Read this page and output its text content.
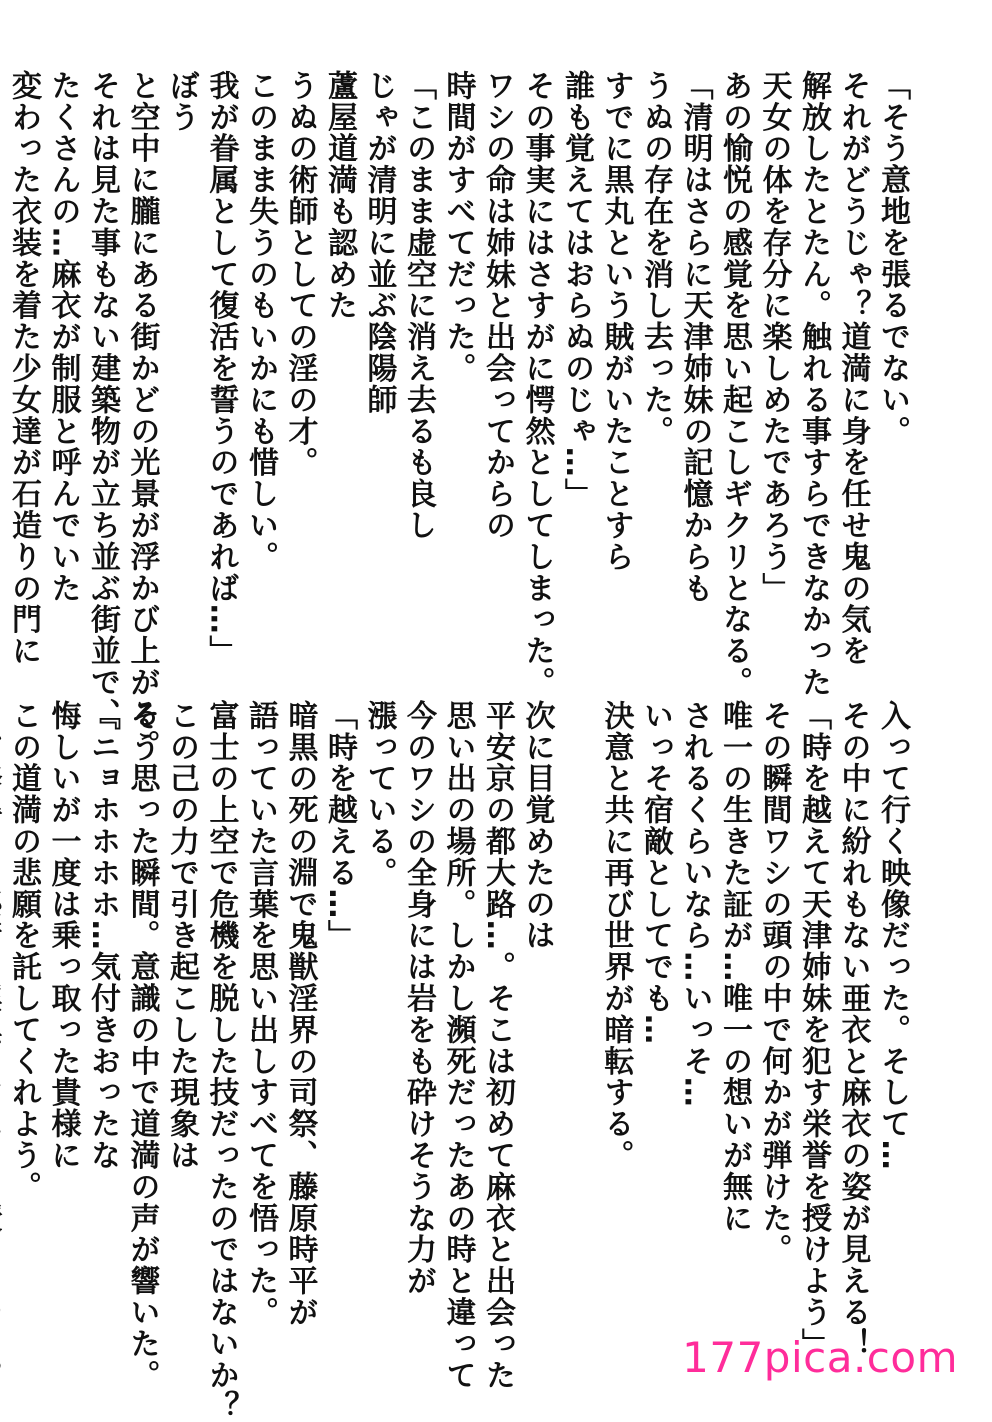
「そう意地を張るでない。
それがどうじゃ？道満に身を任せ鬼の気を
解放したとたん。触れる事すらできなかった
天女の体を存分に楽しめたであろう」
あの愉悦の感覚を思い起こしギクリとなる。
「清明はさらに天津姉妹の記憶からも
うぬの存在を消し去った。
すでに黒丸という賊がいたことすら
誰も覚えてはおらぬのじゃ…」
その事実にはさすがに愕然としてしまった。
ワシの命は姉妹と出会ってからの
時間がすべてだった。
「このまま虚空に消え去るも良し
じゃが清明に並ぶ陰陽師
蘆屋道満も認めた
うぬの術師としての淫の才。
このまま失うのもいかにも惜しい。
我が眷属として復活を誓うのであれば…」
ぼう
と空中に朧にある街かどの光景が浮かび上がる。
それは見た事もない建築物が立ち並ぶ街並で、
たくさんの…麻衣が制服と呼んでいた
変わった衣装を着た少女達が石造りの門に
入って行く映像だった。そして…
その中に紛れもない亜衣と麻衣の姿が見える！
「時を越えて天津姉妹を犯す栄誉を授けよう」
その瞬間ワシの頭の中で何かが弾けた。
唯一の生きた証が…唯一の想いが無に
されるくらいなら…いっそ…
いっそ宿敵としてでも…
決意と共に再び世界が暗転する。

次に目覚めたのは
平安京の都大路…。そこは初めて麻衣と出会った
思い出の場所。しかし瀕死だったあの時と違って
今のワシの全身には岩をも砕けそうな力が
漲っている。
「時を越える…」
暗黒の死の淵で鬼獣淫界の司祭、藤原時平が
語っていた言葉を思い出しすべてを悟った。
富士の上空で危機を脱した技だったのではないか？
この己の力で引き起こした現象は
そう思った瞬間。意識の中で道満の声が響いた。
『ニョホホホホ…気付きおったな
悔しいが一度は乗っ取った貴様に
この道満の悲願を託してくれよう。
177pica.com
